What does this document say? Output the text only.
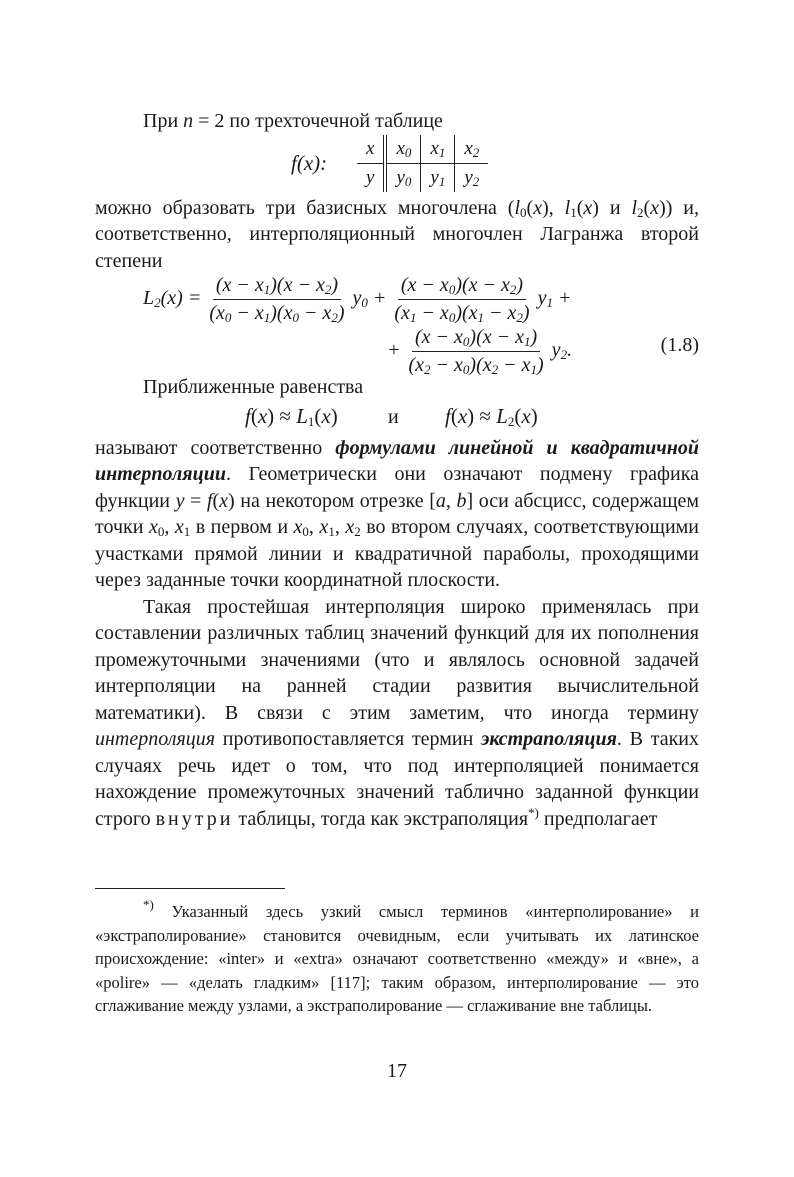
При n = 2 по трехточечной таблице

f(x):
x	$x_0$	$x_1$	$x_2$
y	$y_0$	$y_1$	$y_2$

можно образовать три базисных многочлена ($l_0(x)$, $l_1(x)$ и $l_2(x)$) и, соответственно, интерполяционный многочлен Лагранжа второй степени

$L_2(x) = \frac{(x - x_1)(x - x_2)}{(x_0 - x_1)(x_0 - x_2)} y_0 + \frac{(x - x_0)(x - x_2)}{(x_1 - x_0)(x_1 - x_2)} y_1$ +
+ $\frac{(x - x_0)(x - x_1)}{(x_2 - x_0)(x_2 - x_1)} y_2$.	(1.8)

Приближенные равенства

$f(x) \approx L_1(x)$	и $f(x) \approx L_2(x)$

называют соответственно формулами линейной и квадратичной интерполяции. Геометрически они означают подмену графика функции y = f(x) на некотором отрезке [a, b] оси абсцисс, содержащем точки $x_0$, $x_1$ в первом и $x_0$, $x_1$, $x_2$ во втором случаях, соответствующими участками прямой линии и квадратичной параболы, проходящими через заданные точки координатной плоскости.

Такая простейшая интерполяция широко применялась при составлении различных таблиц значений функций для их пополнения промежуточными значениями (что и являлось основной задачей интерполяции на ранней стадии развития вычислительной математики). В связи с этим заметим, что иногда термину интерполяция противопоставляется термин экстраполяция. В таких случаях речь идет о том, что под интерполяцией понимается нахождение промежуточных значений таблично заданной функции строго внутри таблицы, тогда как экстраполяция*) предполагает

*) Указанный здесь узкий смысл терминов «интерполирование» и «экстраполирование» становится очевидным, если учитывать их латинское происхождение: «inter» и «extra» означают соответственно «между» и «вне», а «polire» — «делать гладким» [117]; таким образом, интерполирование — это сглаживание между узлами, а экстраполирование — сглаживание вне таблицы.

17
